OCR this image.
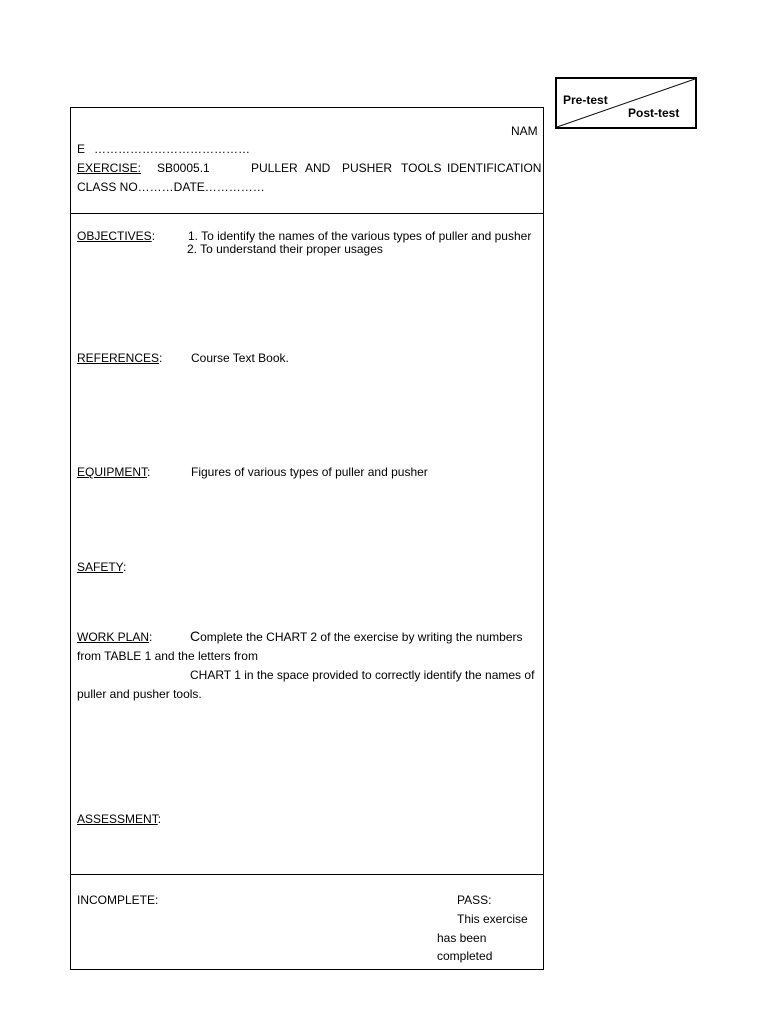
Pre-test
Post-test
NAM
E …………………………………
EXERCISE: SB0005.1	PULLER AND PUSHER TOOLS IDENTIFICATION
CLASS NO………DATE……………
OBJECTIVES:	1. To identify the names of the various types of puller and pusher
2. To understand their proper usages
REFERENCES: Course Text Book.
EQUIPMENT:	Figures of various types of puller and pusher
SAFETY:
WORK PLAN:	Complete the CHART 2 of the exercise by writing the numbers
from TABLE 1 and the letters from
CHART 1 in the space provided to correctly identify the names of
puller and pusher tools.
ASSESSMENT:
INCOMPLETE:	PASS:
This exercise
has been
completed
